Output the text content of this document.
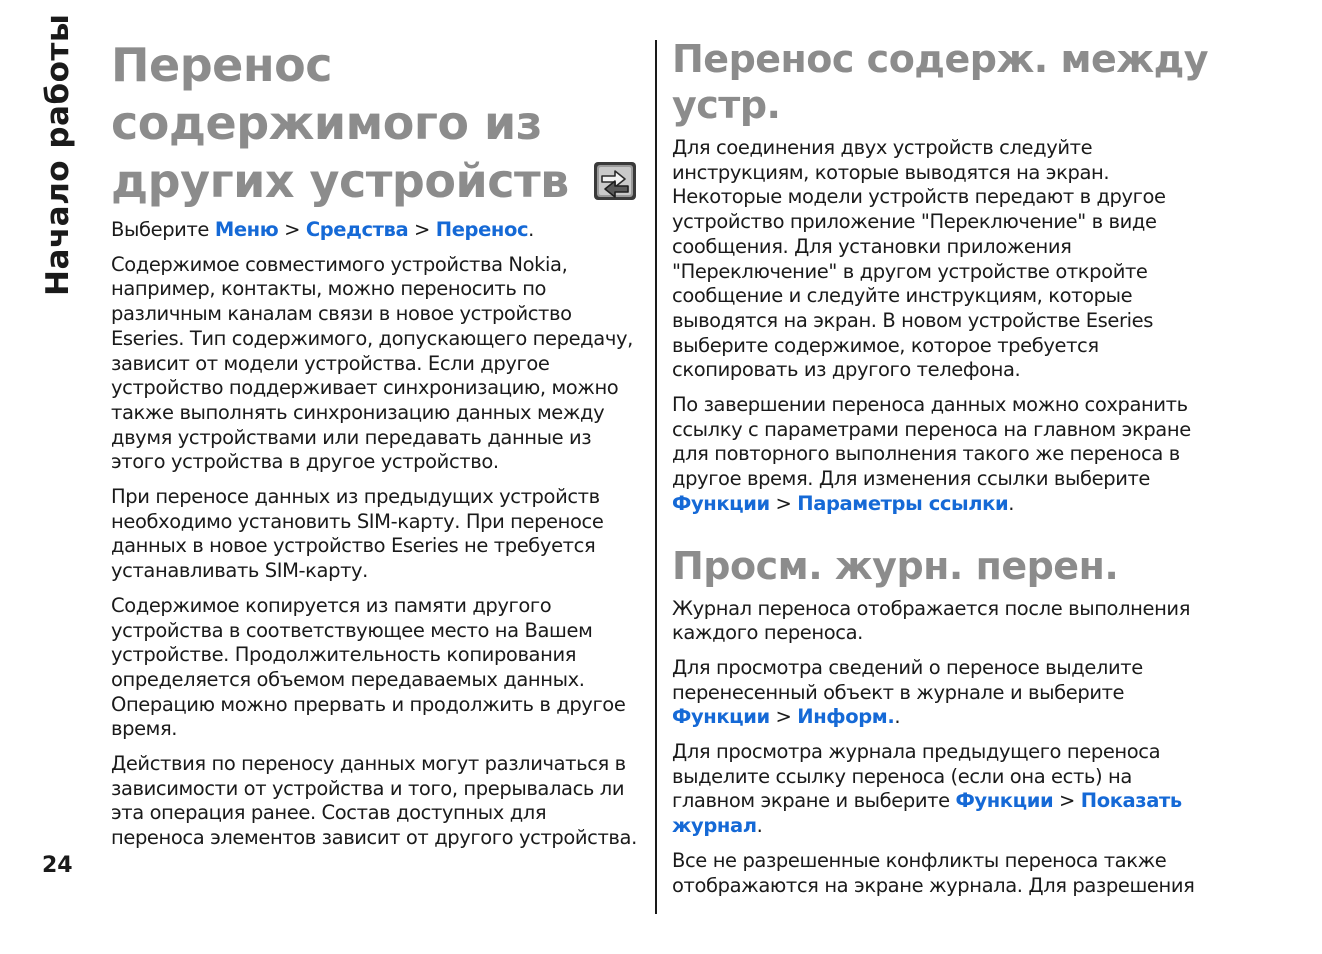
Начало работы
24
Перенос
содержимого из
других устройств

Выберите Меню > Средства > Перенос.

Содержимое совместимого устройства Nokia, например, контакты, можно переносить по различным каналам связи в новое устройство Eseries. Тип содержимого, допускающего передачу, зависит от модели устройства. Если другое устройство поддерживает синхронизацию, можно также выполнять синхронизацию данных между двумя устройствами или передавать данные из этого устройства в другое устройство.

При переносе данных из предыдущих устройств необходимо установить SIM-карту. При переносе данных в новое устройство Eseries не требуется устанавливать SIM-карту.

Содержимое копируется из памяти другого устройства в соответствующее место на Вашем устройстве. Продолжительность копирования определяется объемом передаваемых данных. Операцию можно прервать и продолжить в другое время.

Действия по переносу данных могут различаться в зависимости от устройства и того, прерывалась ли эта операция ранее. Состав доступных для переноса элементов зависит от другого устройства.

Перенос содерж. между устр.

Для соединения двух устройств следуйте инструкциям, которые выводятся на экран. Некоторые модели устройств передают в другое устройство приложение "Переключение" в виде сообщения. Для установки приложения "Переключение" в другом устройстве откройте сообщение и следуйте инструкциям, которые выводятся на экран. В новом устройстве Eseries выберите содержимое, которое требуется скопировать из другого телефона.

По завершении переноса данных можно сохранить ссылку с параметрами переноса на главном экране для повторного выполнения такого же переноса в другое время. Для изменения ссылки выберите Функции > Параметры ссылки.

Просм. журн. перен.

Журнал переноса отображается после выполнения каждого переноса.

Для просмотра сведений о переносе выделите перенесенный объект в журнале и выберите Функции > Информ..

Для просмотра журнала предыдущего переноса выделите ссылку переноса (если она есть) на главном экране и выберите Функции > Показать журнал.

Все не разрешенные конфликты переноса также отображаются на экране журнала. Для разрешения
